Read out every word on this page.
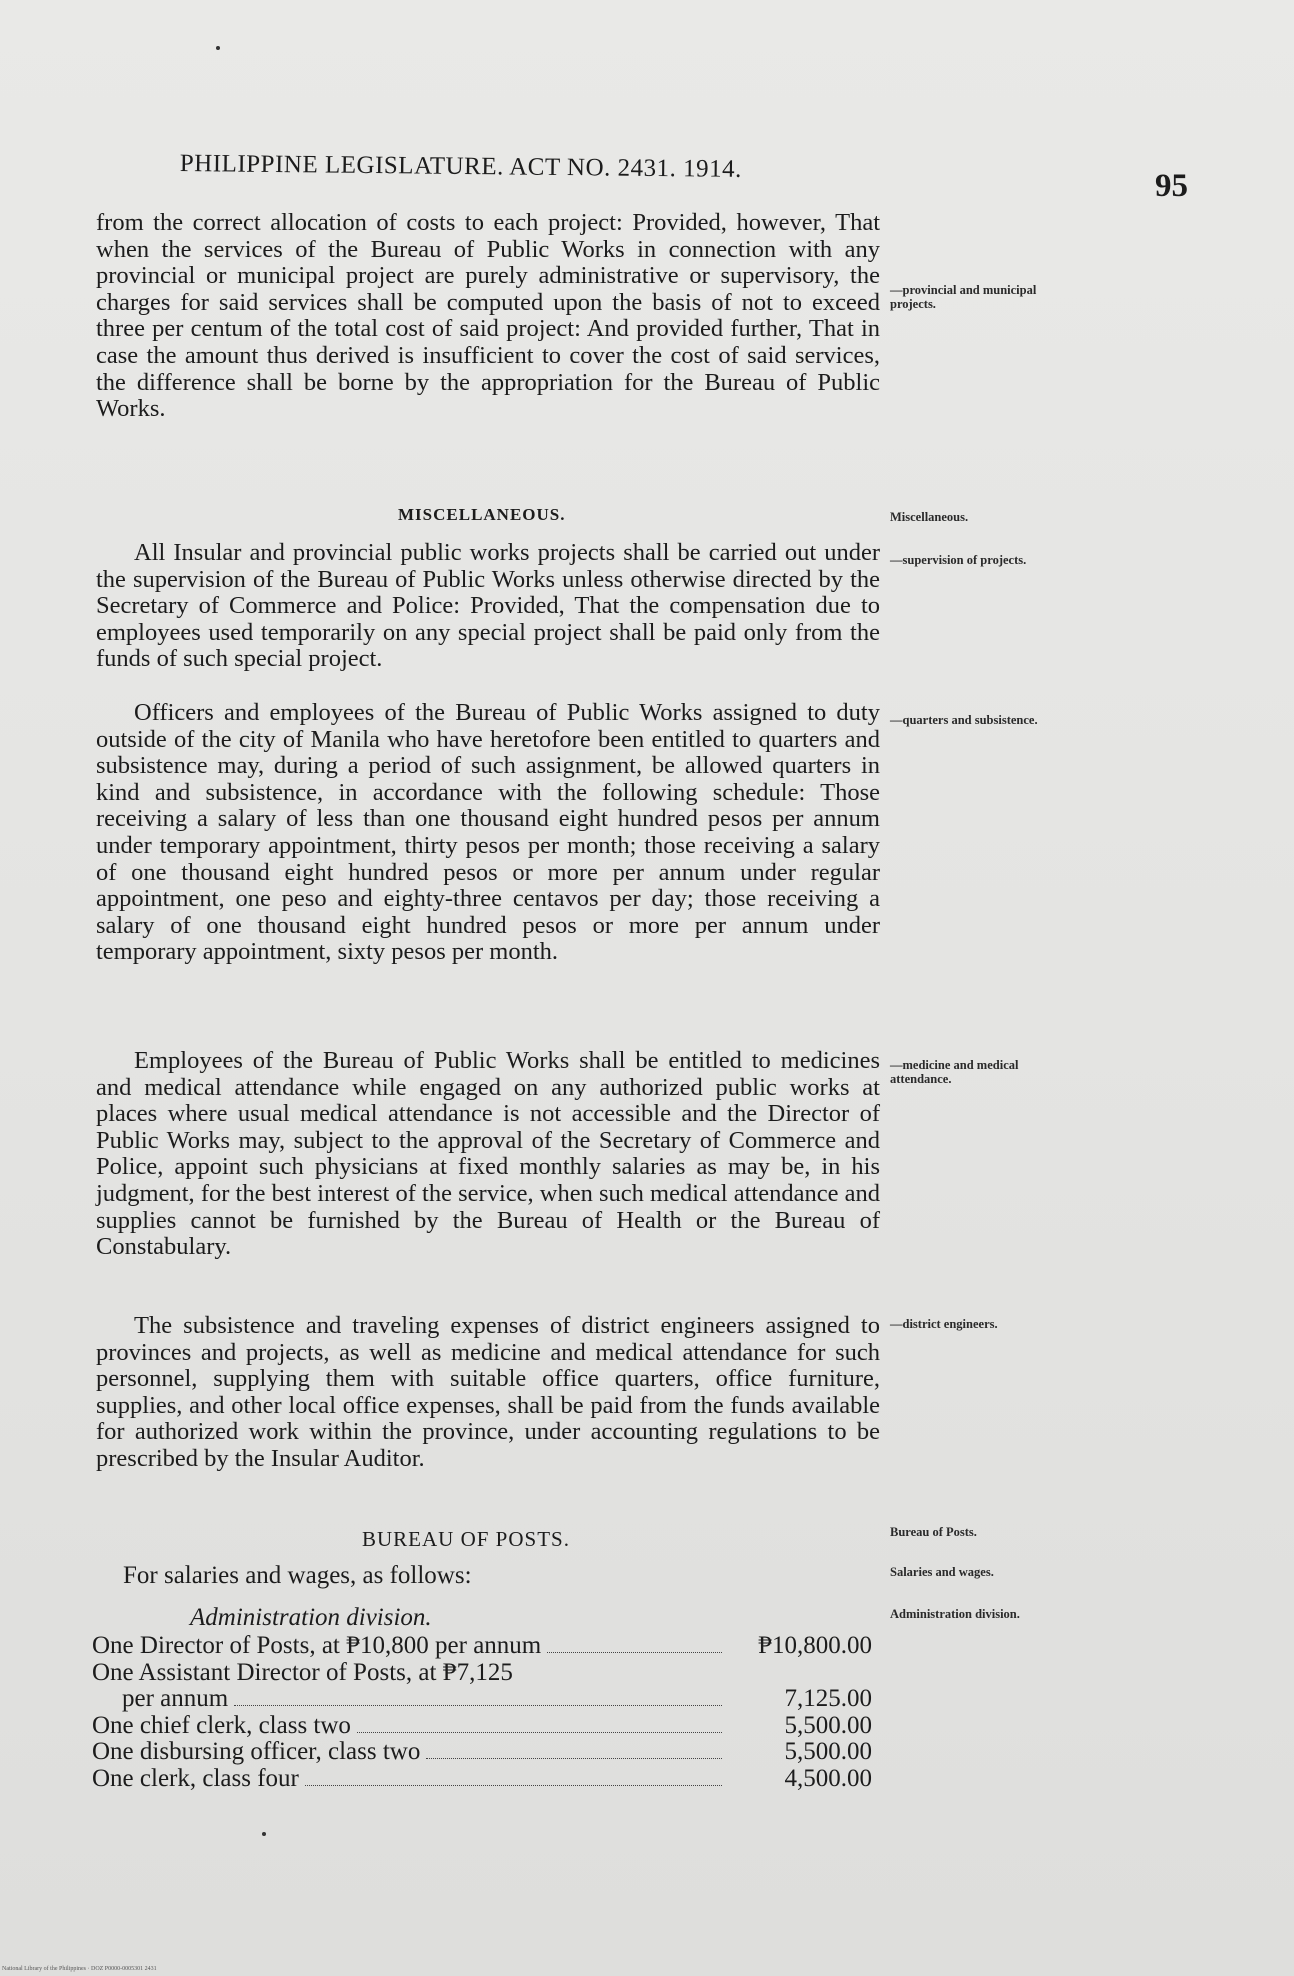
PHILIPPINE LEGISLATURE. ACT NO. 2431. 1914.
95

from the correct allocation of costs to each project: Provided, however, That when the services of the Bureau of Public Works in connection with any provincial or municipal project are purely administrative or supervisory, the charges for said services shall be computed upon the basis of not to exceed three per centum of the total cost of said project: And provided further, That in case the amount thus derived is insufficient to cover the cost of said services, the difference shall be borne by the appropriation for the Bureau of Public Works.

MISCELLANEOUS.

All Insular and provincial public works projects shall be carried out under the supervision of the Bureau of Public Works unless otherwise directed by the Secretary of Commerce and Police: Provided, That the compensation due to employees used temporarily on any special project shall be paid only from the funds of such special project.

Officers and employees of the Bureau of Public Works assigned to duty outside of the city of Manila who have heretofore been entitled to quarters and subsistence may, during a period of such assignment, be allowed quarters in kind and subsistence, in accordance with the following schedule: Those receiving a salary of less than one thousand eight hundred pesos per annum under temporary appointment, thirty pesos per month; those receiving a salary of one thousand eight hundred pesos or more per annum under regular appointment, one peso and eighty-three centavos per day; those receiving a salary of one thousand eight hundred pesos or more per annum under temporary appointment, sixty pesos per month.

Employees of the Bureau of Public Works shall be entitled to medicines and medical attendance while engaged on any authorized public works at places where usual medical attendance is not accessible and the Director of Public Works may, subject to the approval of the Secretary of Commerce and Police, appoint such physicians at fixed monthly salaries as may be, in his judgment, for the best interest of the service, when such medical attendance and supplies cannot be furnished by the Bureau of Health or the Bureau of Constabulary.

The subsistence and traveling expenses of district engineers assigned to provinces and projects, as well as medicine and medical attendance for such personnel, supplying them with suitable office quarters, office furniture, supplies, and other local office expenses, shall be paid from the funds available for authorized work within the province, under accounting regulations to be prescribed by the Insular Auditor.

BUREAU OF POSTS.
For salaries and wages, as follows:
Administration division.
One Director of Posts, at ₱10,800 per annum	₱10,800.00
One Assistant Director of Posts, at ₱7,125
per annum	7,125.00
One chief clerk, class two	5,500.00
One disbursing officer, class two	5,500.00
One clerk, class four	4,500.00
—provincial and municipal projects.
Miscellaneous.
—supervision of projects.
—quarters and subsistence.
—medicine and medical attendance.
—district engineers.
Bureau of Posts.
Salaries and wages.
Administration division.
National Library of the Philippines · DOZ P0000-0005301 2431
